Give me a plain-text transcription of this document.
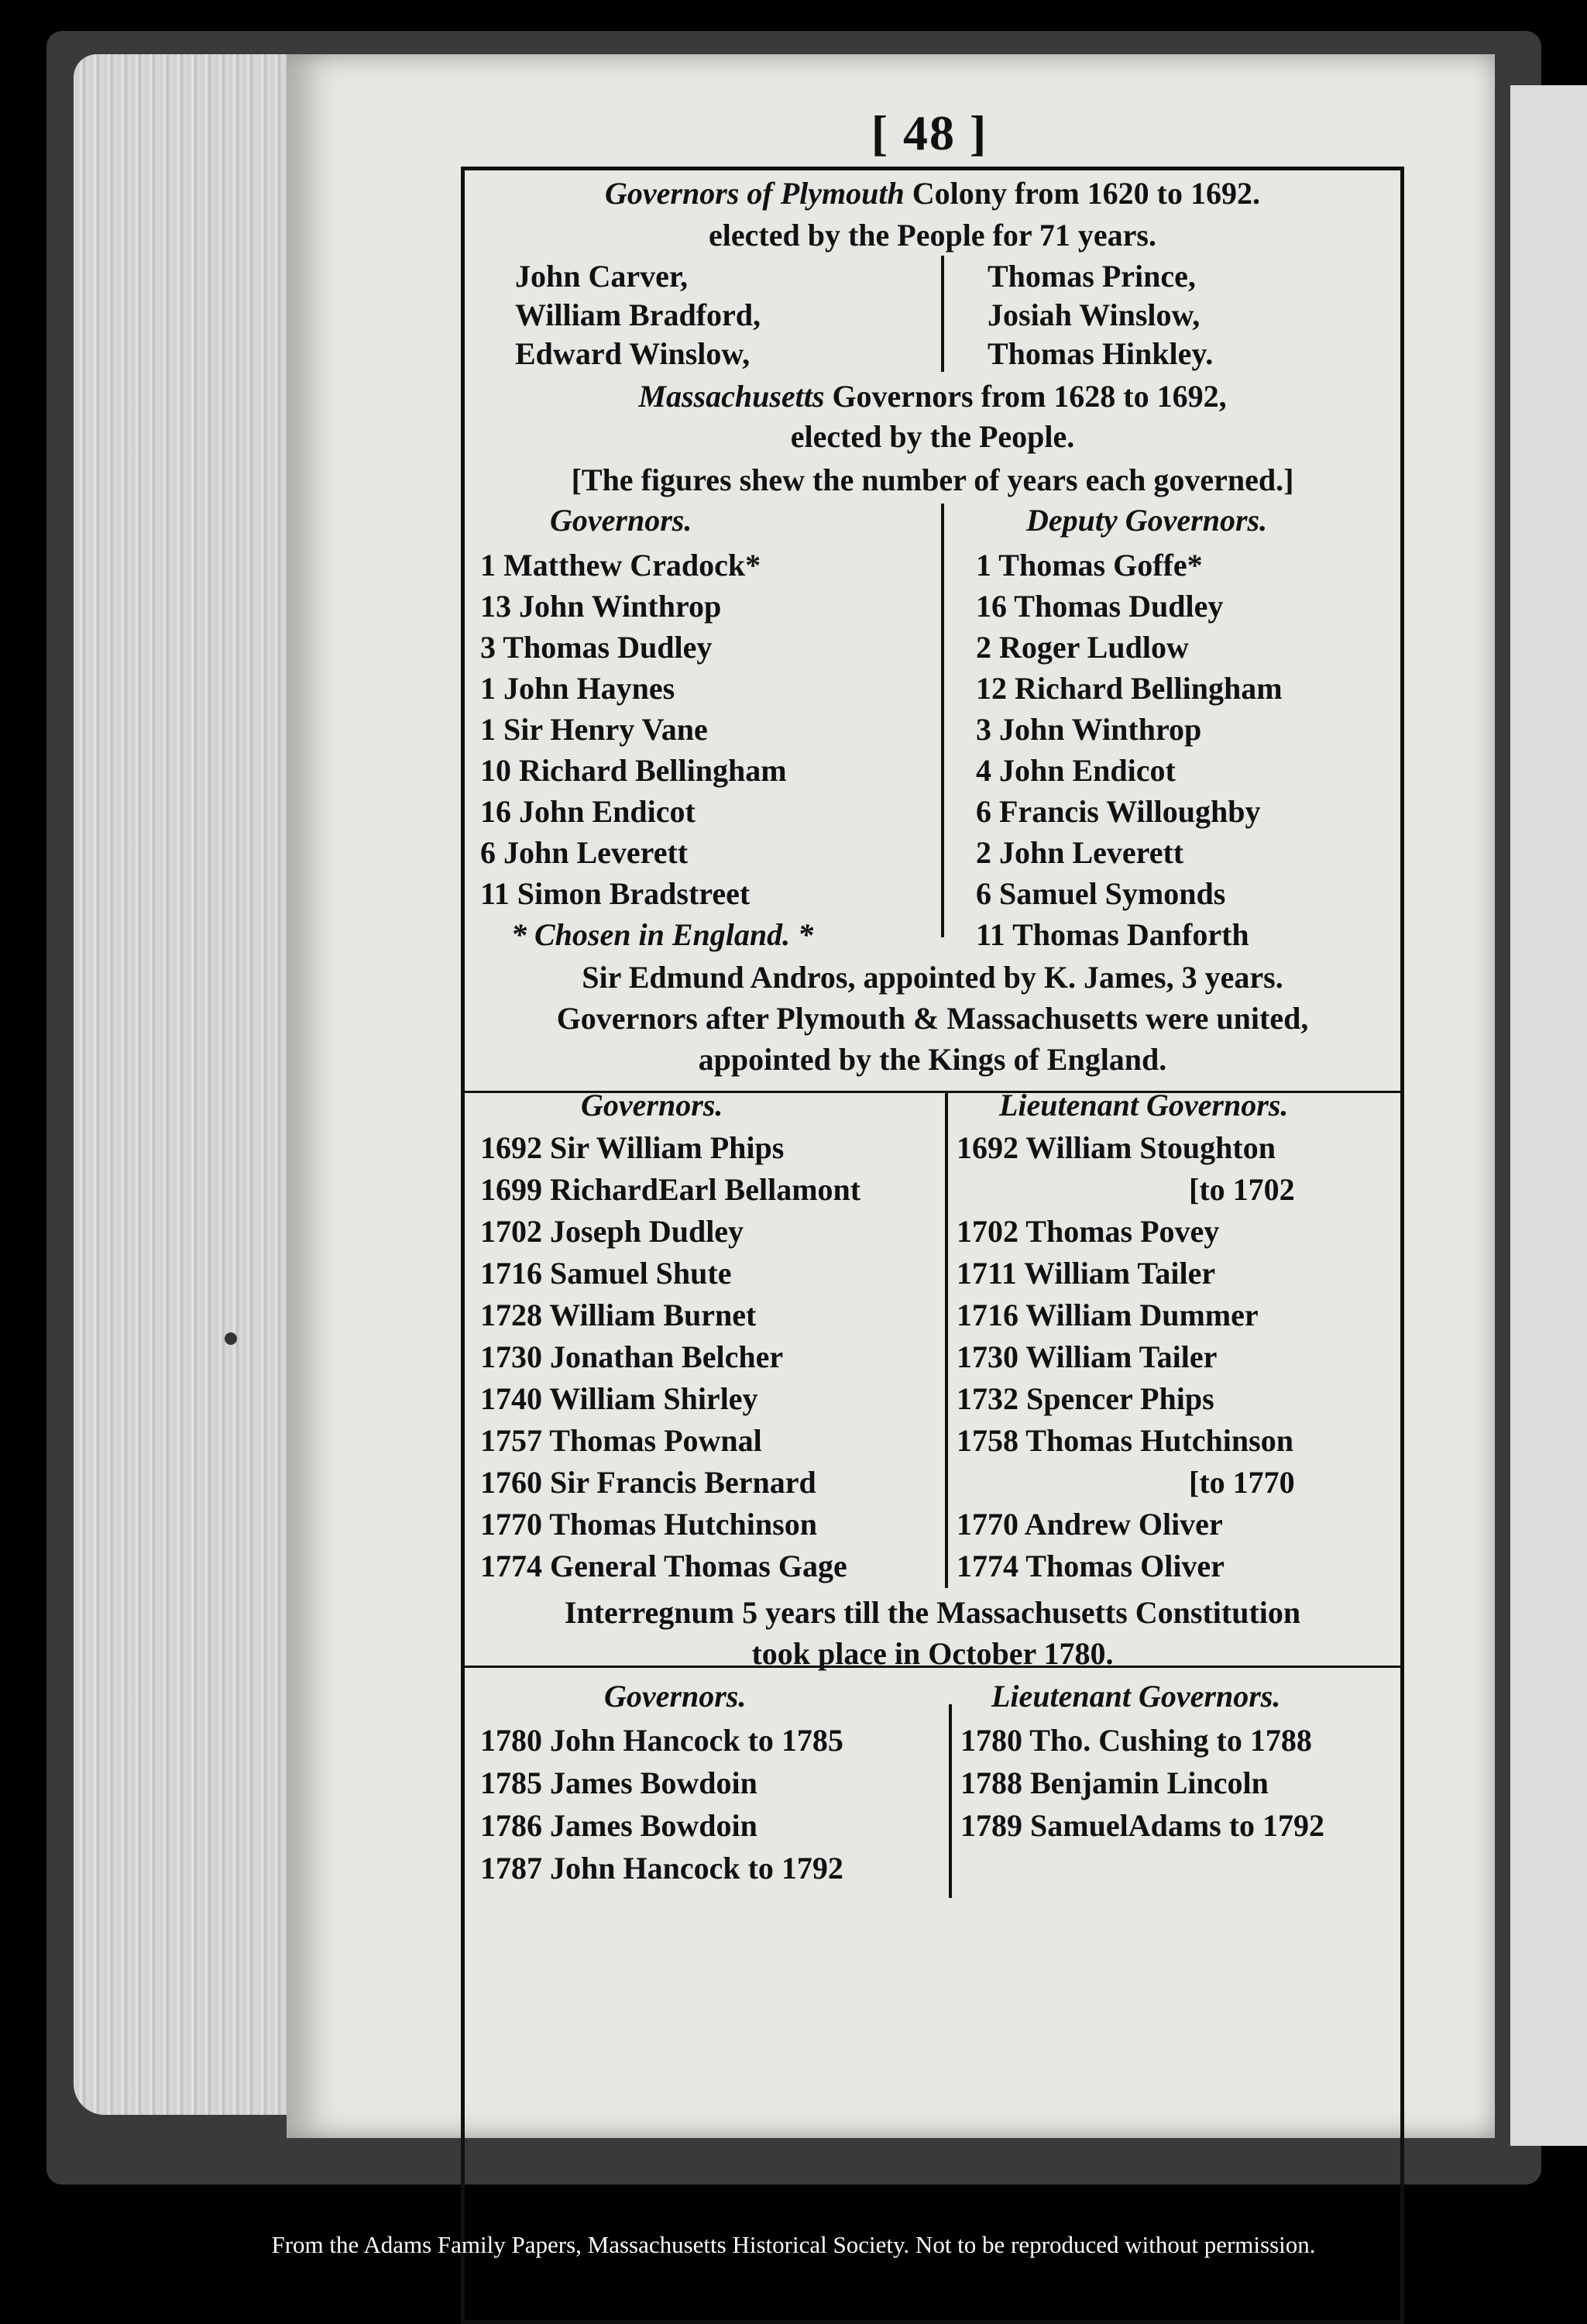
[ 48 ]
Governors of Plymouth Colony from 1620 to 1692.
elected by the People for 71 years.
John Carver,	Thomas Prince,
William Bradford,	Josiah Winslow,
Edward Winslow,	Thomas Hinkley.
Massachusetts Governors from 1628 to 1692,
elected by the People.
[The figures shew the number of years each governed.]
Governors.	Deputy Governors.
1 Matthew Cradock*	1 Thomas Goffe*
13 John Winthrop	16 Thomas Dudley
3 Thomas Dudley	2 Roger Ludlow
1 John Haynes	12 Richard Bellingham
1 Sir Henry Vane	3 John Winthrop
10 Richard Bellingham	4 John Endicot
16 John Endicot	6 Francis Willoughby
6 John Leverett	2 John Leverett
11 Simon Bradstreet	6 Samuel Symonds
* Chosen in England. *	11 Thomas Danforth
Sir Edmund Andros, appointed by K. James, 3 years.
Governors after Plymouth & Massachusetts were united,
appointed by the Kings of England.
Governors.	Lieutenant Governors.
1692 Sir William Phips	1692 William Stoughton
1699 RichardEarl Bellamont	[to 1702
1702 Joseph Dudley	1702 Thomas Povey
1716 Samuel Shute	1711 William Tailer
1728 William Burnet	1716 William Dummer
1730 Jonathan Belcher	1730 William Tailer
1740 William Shirley	1732 Spencer Phips
1757 Thomas Pownal	1758 Thomas Hutchinson
1760 Sir Francis Bernard	[to 1770
1770 Thomas Hutchinson	1770 Andrew Oliver
1774 General Thomas Gage	1774 Thomas Oliver
Interregnum 5 years till the Massachusetts Constitution
took place in October 1780.
Governors.	Lieutenant Governors.
1780 John Hancock to 1785	1780 Tho. Cushing to 1788
1785 James Bowdoin	1788 Benjamin Lincoln
1786 James Bowdoin	1789 SamuelAdams to 1792
1787 John Hancock to 1792

From the Adams Family Papers, Massachusetts Historical Society. Not to be reproduced without permission.
